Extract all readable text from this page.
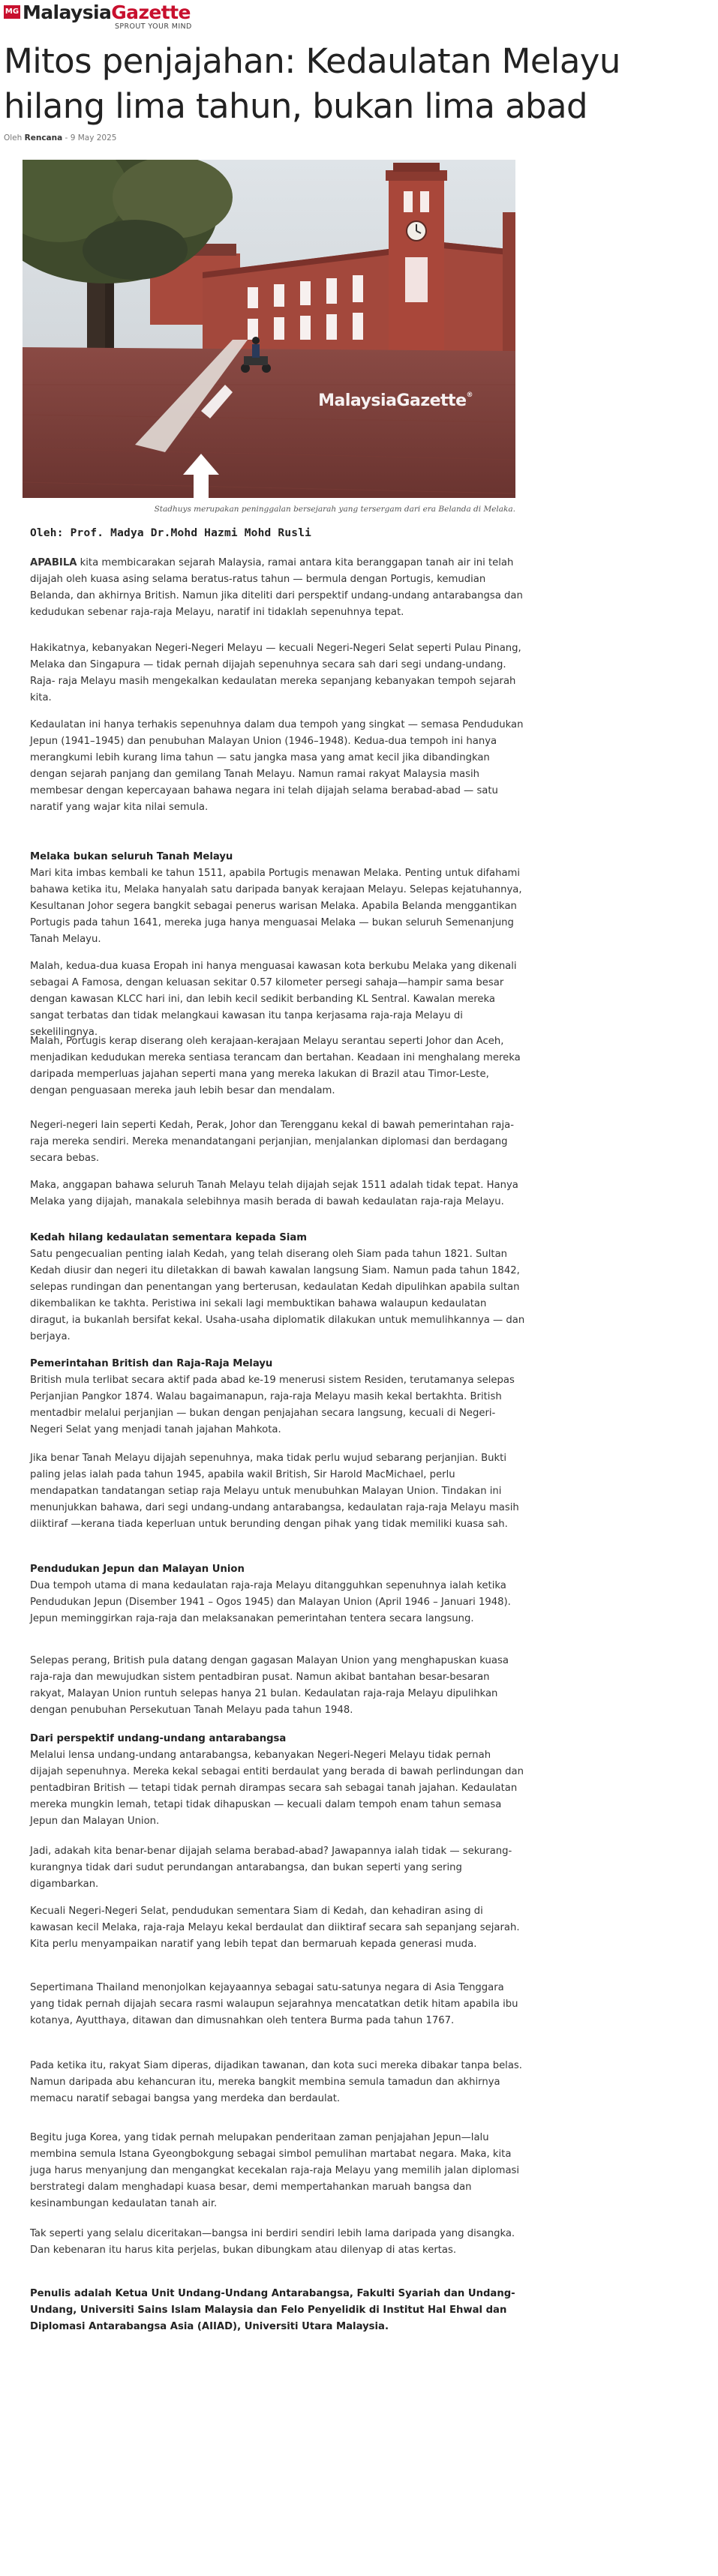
MG MalaysiaGazette
SPROUT YOUR MIND
Mitos penjajahan: Kedaulatan Melayu hilang lima tahun, bukan lima abad
Oleh Rencana - 9 May 2025
MalaysiaGazette®
Stadhuys merupakan peninggalan bersejarah yang tersergam dari era Belanda di Melaka.

Oleh: Prof. Madya Dr.Mohd Hazmi Mohd Rusli

APABILA kita membicarakan sejarah Malaysia, ramai antara kita beranggapan tanah air ini telah dijajah oleh kuasa asing selama beratus-ratus tahun — bermula dengan Portugis, kemudian Belanda, dan akhirnya British. Namun jika diteliti dari perspektif undang-undang antarabangsa dan kedudukan sebenar raja-raja Melayu, naratif ini tidaklah sepenuhnya tepat.

Hakikatnya, kebanyakan Negeri-Negeri Melayu — kecuali Negeri-Negeri Selat seperti Pulau Pinang, Melaka dan Singapura — tidak pernah dijajah sepenuhnya secara sah dari segi undang-undang. Raja- raja Melayu masih mengekalkan kedaulatan mereka sepanjang kebanyakan tempoh sejarah kita.

Kedaulatan ini hanya terhakis sepenuhnya dalam dua tempoh yang singkat — semasa Pendudukan Jepun (1941–1945) dan penubuhan Malayan Union (1946–1948). Kedua-dua tempoh ini hanya merangkumi lebih kurang lima tahun — satu jangka masa yang amat kecil jika dibandingkan dengan sejarah panjang dan gemilang Tanah Melayu. Namun ramai rakyat Malaysia masih membesar dengan kepercayaan bahawa negara ini telah dijajah selama berabad-abad — satu naratif yang wajar kita nilai semula.

Melaka bukan seluruh Tanah Melayu

Mari kita imbas kembali ke tahun 1511, apabila Portugis menawan Melaka. Penting untuk difahami bahawa ketika itu, Melaka hanyalah satu daripada banyak kerajaan Melayu. Selepas kejatuhannya, Kesultanan Johor segera bangkit sebagai penerus warisan Melaka. Apabila Belanda menggantikan Portugis pada tahun 1641, mereka juga hanya menguasai Melaka — bukan seluruh Semenanjung Tanah Melayu.

Malah, kedua-dua kuasa Eropah ini hanya menguasai kawasan kota berkubu Melaka yang dikenali sebagai A Famosa, dengan keluasan sekitar 0.57 kilometer persegi sahaja—hampir sama besar dengan kawasan KLCC hari ini, dan lebih kecil sedikit berbanding KL Sentral. Kawalan mereka sangat terbatas dan tidak melangkaui kawasan itu tanpa kerjasama raja-raja Melayu di sekelilingnya.

Malah, Portugis kerap diserang oleh kerajaan-kerajaan Melayu serantau seperti Johor dan Aceh, menjadikan kedudukan mereka sentiasa terancam dan bertahan. Keadaan ini menghalang mereka daripada memperluas jajahan seperti mana yang mereka lakukan di Brazil atau Timor-Leste, dengan penguasaan mereka jauh lebih besar dan mendalam.

Negeri-negeri lain seperti Kedah, Perak, Johor dan Terengganu kekal di bawah pemerintahan raja-raja mereka sendiri. Mereka menandatangani perjanjian, menjalankan diplomasi dan berdagang secara bebas.

Maka, anggapan bahawa seluruh Tanah Melayu telah dijajah sejak 1511 adalah tidak tepat. Hanya Melaka yang dijajah, manakala selebihnya masih berada di bawah kedaulatan raja-raja Melayu.

Kedah hilang kedaulatan sementara kepada Siam

Satu pengecualian penting ialah Kedah, yang telah diserang oleh Siam pada tahun 1821. Sultan Kedah diusir dan negeri itu diletakkan di bawah kawalan langsung Siam. Namun pada tahun 1842, selepas rundingan dan penentangan yang berterusan, kedaulatan Kedah dipulihkan apabila sultan dikembalikan ke takhta. Peristiwa ini sekali lagi membuktikan bahawa walaupun kedaulatan diragut, ia bukanlah bersifat kekal. Usaha-usaha diplomatik dilakukan untuk memulihkannya — dan berjaya.

Pemerintahan British dan Raja-Raja Melayu

British mula terlibat secara aktif pada abad ke-19 menerusi sistem Residen, terutamanya selepas Perjanjian Pangkor 1874. Walau bagaimanapun, raja-raja Melayu masih kekal bertakhta. British mentadbir melalui perjanjian — bukan dengan penjajahan secara langsung, kecuali di Negeri-Negeri Selat yang menjadi tanah jajahan Mahkota.

Jika benar Tanah Melayu dijajah sepenuhnya, maka tidak perlu wujud sebarang perjanjian. Bukti paling jelas ialah pada tahun 1945, apabila wakil British, Sir Harold MacMichael, perlu mendapatkan tandatangan setiap raja Melayu untuk menubuhkan Malayan Union. Tindakan ini menunjukkan bahawa, dari segi undang-undang antarabangsa, kedaulatan raja-raja Melayu masih diiktiraf —kerana tiada keperluan untuk berunding dengan pihak yang tidak memiliki kuasa sah.

Pendudukan Jepun dan Malayan Union

Dua tempoh utama di mana kedaulatan raja-raja Melayu ditangguhkan sepenuhnya ialah ketika Pendudukan Jepun (Disember 1941 – Ogos 1945) dan Malayan Union (April 1946 – Januari 1948). Jepun meminggirkan raja-raja dan melaksanakan pemerintahan tentera secara langsung.

Selepas perang, British pula datang dengan gagasan Malayan Union yang menghapuskan kuasa raja-raja dan mewujudkan sistem pentadbiran pusat. Namun akibat bantahan besar-besaran rakyat, Malayan Union runtuh selepas hanya 21 bulan. Kedaulatan raja-raja Melayu dipulihkan dengan penubuhan Persekutuan Tanah Melayu pada tahun 1948.

Dari perspektif undang-undang antarabangsa

Melalui lensa undang-undang antarabangsa, kebanyakan Negeri-Negeri Melayu tidak pernah dijajah sepenuhnya. Mereka kekal sebagai entiti berdaulat yang berada di bawah perlindungan dan pentadbiran British — tetapi tidak pernah dirampas secara sah sebagai tanah jajahan. Kedaulatan mereka mungkin lemah, tetapi tidak dihapuskan — kecuali dalam tempoh enam tahun semasa Jepun dan Malayan Union.

Jadi, adakah kita benar-benar dijajah selama berabad-abad? Jawapannya ialah tidak — sekurang- kurangnya tidak dari sudut perundangan antarabangsa, dan bukan seperti yang sering digambarkan.

Kecuali Negeri-Negeri Selat, pendudukan sementara Siam di Kedah, dan kehadiran asing di kawasan kecil Melaka, raja-raja Melayu kekal berdaulat dan diiktiraf secara sah sepanjang sejarah. Kita perlu menyampaikan naratif yang lebih tepat dan bermaruah kepada generasi muda.

Sepertimana Thailand menonjolkan kejayaannya sebagai satu-satunya negara di Asia Tenggara yang tidak pernah dijajah secara rasmi walaupun sejarahnya mencatatkan detik hitam apabila ibu kotanya, Ayutthaya, ditawan dan dimusnahkan oleh tentera Burma pada tahun 1767.

Pada ketika itu, rakyat Siam diperas, dijadikan tawanan, dan kota suci mereka dibakar tanpa belas. Namun daripada abu kehancuran itu, mereka bangkit membina semula tamadun dan akhirnya memacu naratif sebagai bangsa yang merdeka dan berdaulat.

Begitu juga Korea, yang tidak pernah melupakan penderitaan zaman penjajahan Jepun—lalu membina semula Istana Gyeongbokgung sebagai simbol pemulihan martabat negara. Maka, kita juga harus menyanjung dan mengangkat kecekalan raja-raja Melayu yang memilih jalan diplomasi berstrategi dalam menghadapi kuasa besar, demi mempertahankan maruah bangsa dan kesinambungan kedaulatan tanah air.

Tak seperti yang selalu diceritakan—bangsa ini berdiri sendiri lebih lama daripada yang disangka. Dan kebenaran itu harus kita perjelas, bukan dibungkam atau dilenyap di atas kertas.

Penulis adalah Ketua Unit Undang-Undang Antarabangsa, Fakulti Syariah dan Undang-Undang, Universiti Sains Islam Malaysia dan Felo Penyelidik di Institut Hal Ehwal dan Diplomasi Antarabangsa Asia (AIIAD), Universiti Utara Malaysia.
